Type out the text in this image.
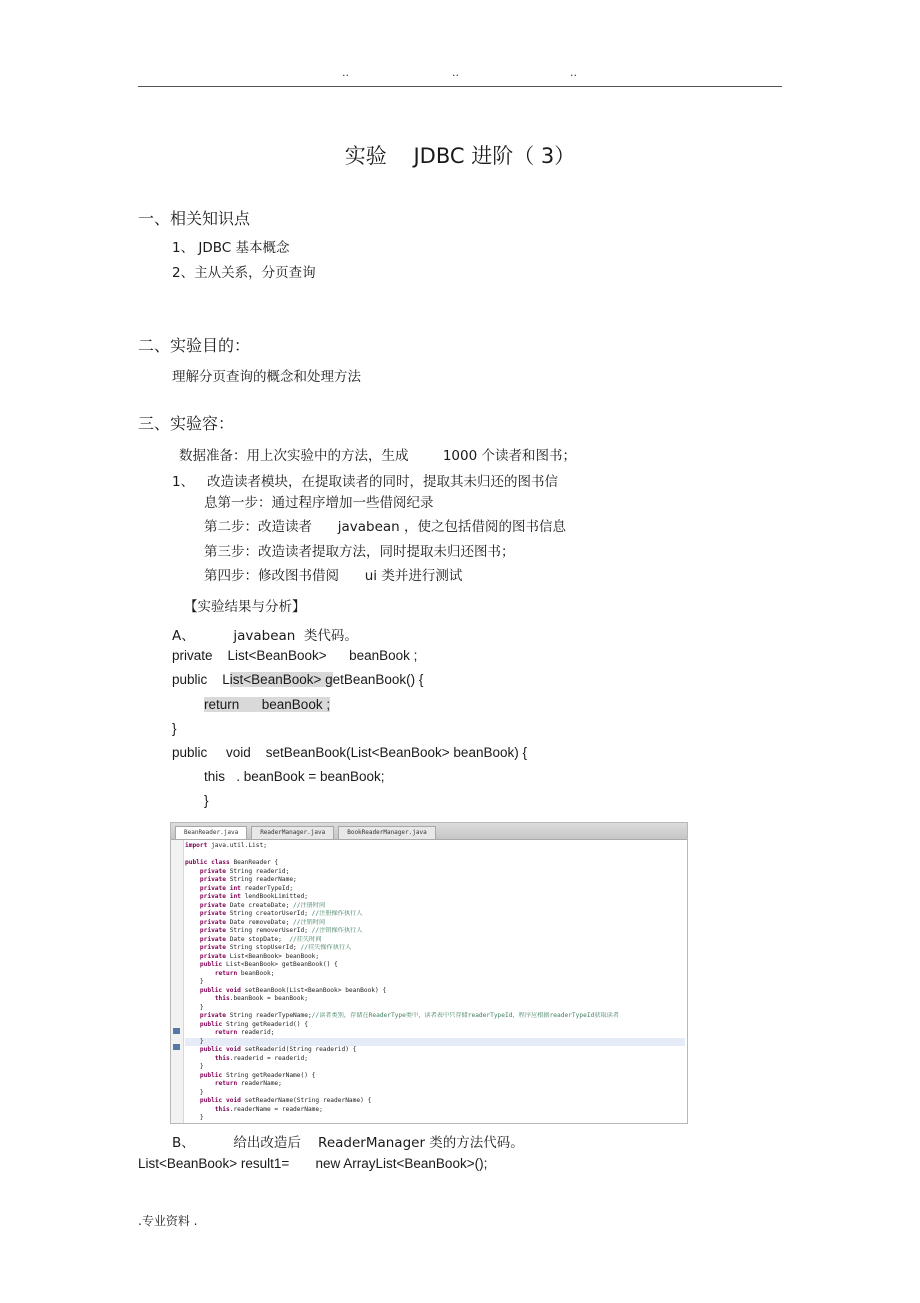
..	..	..
实验    JDBC 进阶（ 3）
一、相关知识点
1、 JDBC 基本概念
2、主从关系，分页查询
二、实验目的：
理解分页查询的概念和处理方法
三、实验容：
数据准备：用上次实验中的方法，生成        1000 个读者和图书；
1、   改造读者模块，在提取读者的同时，提取其未归还的图书信
息第一步：通过程序增加一些借阅纪录
第二步：改造读者      javabean ，使之包括借阅的图书信息
第三步：改造读者提取方法，同时提取未归还图书；
第四步：修改图书借阅      ui 类并进行测试
【实验结果与分析】
A、         javabean  类代码。
private    List<BeanBook>      beanBook ;
public    List<BeanBook> getBeanBook() {
return      beanBook ;
}
public     void    setBeanBook(List<BeanBook> beanBook) {
this   . beanBook = beanBook;
}
BeanReader.java	ReaderManager.java	BookReaderManager.java
import java.util.List;
public class BeanReader {
private String readerid;
private String readerName;
private int readerTypeId;
private int lendBookLimitted;
private Date createDate; //注册时间
private String creatorUserId; //注册操作执行人
private Date removeDate; //注销时间
private String removerUserId; //注销操作执行人
private Date stopDate;  //挂失时间
private String stopUserId; //挂失操作执行人
private List<BeanBook> beanBook;
public List<BeanBook> getBeanBook() {
return beanBook;
}
public void setBeanBook(List<BeanBook> beanBook) {
this.beanBook = beanBook;
}
private String readerTypeName;//读者类别，存储在ReaderType类中，读者表中只存储readerTypeId，程序应根据readerTypeId获取读者
public String getReaderid() {
return readerid;
}
public void setReaderid(String readerid) {
this.readerid = readerid;
}
public String getReaderName() {
return readerName;
}
public void setReaderName(String readerName) {
this.readerName = readerName;
}
B、         给出改造后    ReaderManager 类的方法代码。
List<BeanBook> result1=       new ArrayList<BeanBook>();
.专业资料 .
